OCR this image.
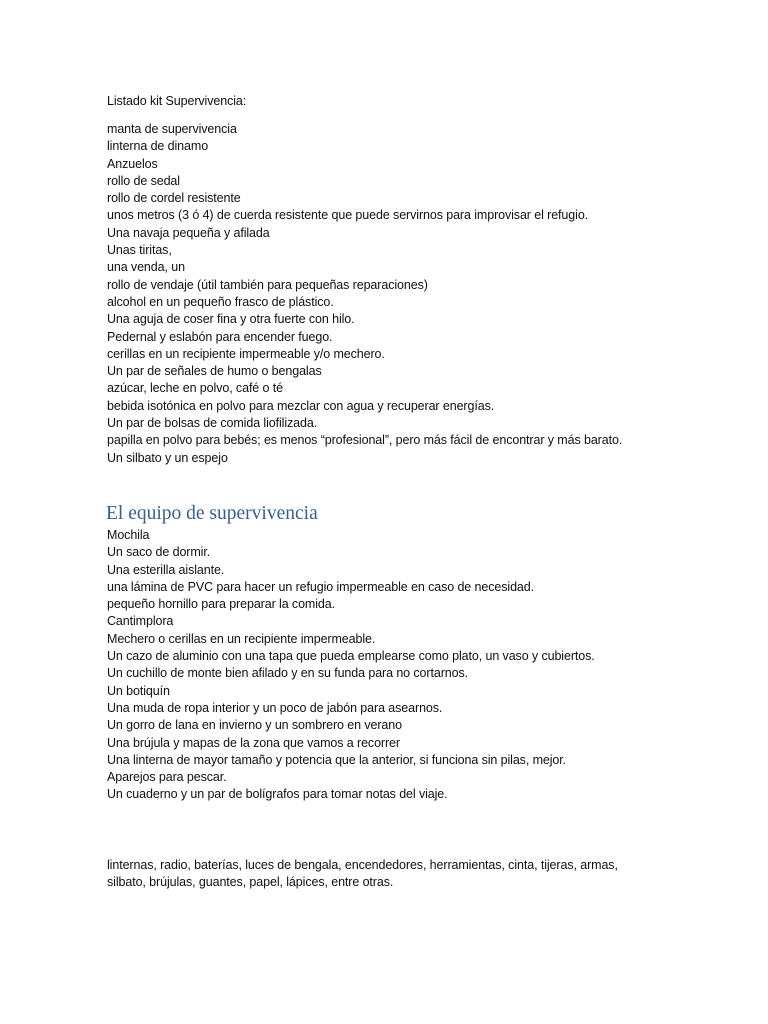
Listado kit Supervivencia:
manta de supervivencia
linterna de dinamo
Anzuelos
rollo de sedal
rollo de cordel resistente
unos metros (3 ó 4) de cuerda resistente que puede servirnos para improvisar el refugio.
Una navaja pequeña y afilada
Unas tiritas,
una venda, un
rollo de vendaje (útil también para pequeñas reparaciones)
alcohol en un pequeño frasco de plástico.
Una aguja de coser fina y otra fuerte con hilo.
Pedernal y eslabón para encender fuego.
cerillas en un recipiente impermeable y/o mechero.
Un par de señales de humo o bengalas
azúcar, leche en polvo, café o té
bebida isotónica en polvo para mezclar con agua y recuperar energías.
Un par de bolsas de comida liofilizada.
papilla en polvo para bebés; es menos “profesional”, pero más fácil de encontrar y más barato.
Un silbato y un espejo
El equipo de supervivencia
Mochila
Un saco de dormir.
Una esterilla aislante.
una lámina de PVC para hacer un refugio impermeable en caso de necesidad.
pequeño hornillo para preparar la comida.
Cantimplora
Mechero o cerillas en un recipiente impermeable.
Un cazo de aluminio con una tapa que pueda emplearse como plato, un vaso y cubiertos.
Un cuchillo de monte bien afilado y en su funda para no cortarnos.
Un botiquín
Una muda de ropa interior y un poco de jabón para asearnos.
Un gorro de lana en invierno y un sombrero en verano
Una brújula y mapas de la zona que vamos a recorrer
Una linterna de mayor tamaño y potencia que la anterior, si funciona sin pilas, mejor.
Aparejos para pescar.
Un cuaderno y un par de bolígrafos para tomar notas del viaje.
linternas, radio, baterías, luces de bengala, encendedores, herramientas, cinta, tijeras, armas,
silbato, brújulas, guantes, papel, lápices, entre otras.
